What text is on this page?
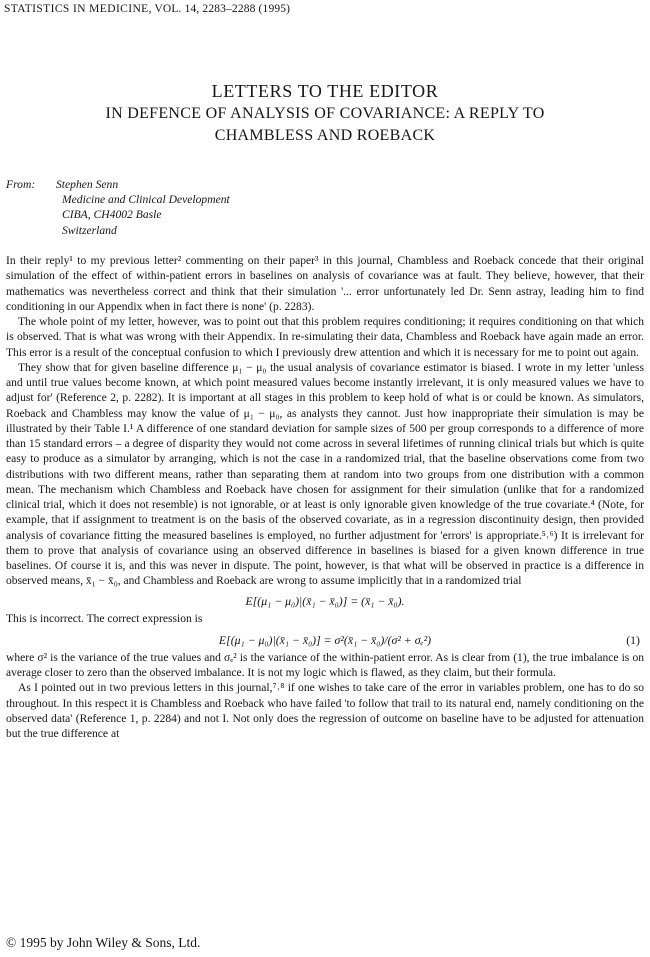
STATISTICS IN MEDICINE, VOL. 14, 2283–2288 (1995)
LETTERS TO THE EDITOR
IN DEFENCE OF ANALYSIS OF COVARIANCE: A REPLY TO
CHAMBLESS AND ROEBACK
From: Stephen Senn
Medicine and Clinical Development
CIBA, CH4002 Basle
Switzerland

In their reply¹ to my previous letter² commenting on their paper³ in this journal, Chambless and Roeback concede that their original simulation of the effect of within-patient errors in baselines on analysis of covariance was at fault. They believe, however, that their mathematics was nevertheless correct and think that their simulation '... error unfortunately led Dr. Senn astray, leading him to find conditioning in our Appendix when in fact there is none' (p. 2283).

The whole point of my letter, however, was to point out that this problem requires conditioning; it requires conditioning on that which is observed. That is what was wrong with their Appendix. In re-simulating their data, Chambless and Roeback have again made an error. This error is a result of the conceptual confusion to which I previously drew attention and which it is necessary for me to point out again.

They show that for given baseline difference μ₁ − μ₀ the usual analysis of covariance estimator is biased. I wrote in my letter 'unless and until true values become known, at which point measured values become instantly irrelevant, it is only measured values we have to adjust for' (Reference 2, p. 2282). It is important at all stages in this problem to keep hold of what is or could be known. As simulators, Roeback and Chambless may know the value of μ₁ − μ₀, as analysts they cannot. Just how inappropriate their simulation is may be illustrated by their Table I.¹ A difference of one standard deviation for sample sizes of 500 per group corresponds to a difference of more than 15 standard errors – a degree of disparity they would not come across in several lifetimes of running clinical trials but which is quite easy to produce as a simulator by arranging, which is not the case in a randomized trial, that the baseline observations come from two distributions with two different means, rather than separating them at random into two groups from one distribution with a common mean. The mechanism which Chambless and Roeback have chosen for assignment for their simulation (unlike that for a randomized clinical trial, which it does not resemble) is not ignorable, or at least is only ignorable given knowledge of the true covariate.⁴ (Note, for example, that if assignment to treatment is on the basis of the observed covariate, as in a regression discontinuity design, then provided analysis of covariance fitting the measured baselines is employed, no further adjustment for 'errors' is appropriate.⁵˒⁶) It is irrelevant for them to prove that analysis of covariance using an observed difference in baselines is biased for a given known difference in true baselines. Of course it is, and this was never in dispute. The point, however, is that what will be observed in practice is a difference in observed means, x̄₁ − x̄₀, and Chambless and Roeback are wrong to assume implicitly that in a randomized trial

E[(μ₁ − μ₀)|(x̄₁ − x̄₀)] = (x̄₁ − x̄₀).

This is incorrect. The correct expression is

E[(μ₁ − μ₀)|(x̄₁ − x̄₀)] = σ²(x̄₁ − x̄₀)/(σ² + σₑ²)	(1)

where σ² is the variance of the true values and σₑ² is the variance of the within-patient error. As is clear from (1), the true imbalance is on average closer to zero than the observed imbalance. It is not my logic which is flawed, as they claim, but their formula.

As I pointed out in two previous letters in this journal,⁷˒⁸ if one wishes to take care of the error in variables problem, one has to do so throughout. In this respect it is Chambless and Roeback who have failed 'to follow that trail to its natural end, namely conditioning on the observed data' (Reference 1, p. 2284) and not I. Not only does the regression of outcome on baseline have to be adjusted for attenuation but the true difference at

© 1995 by John Wiley & Sons, Ltd.
